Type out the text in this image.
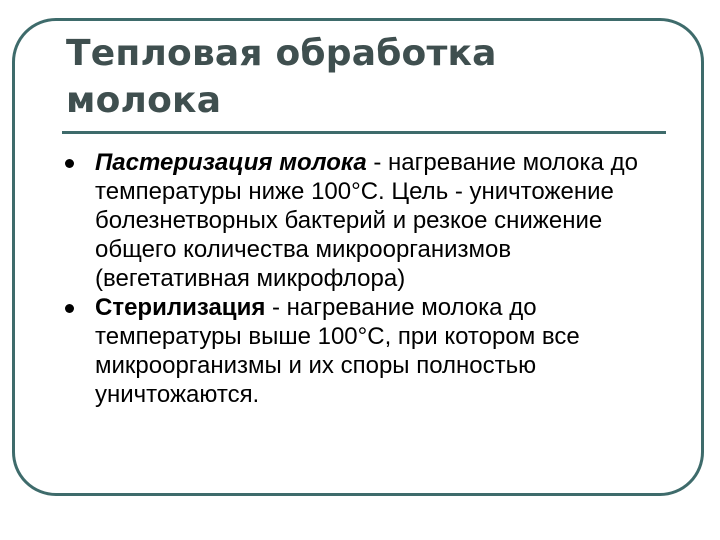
Тепловая обработка
молока
Пастеризация молока - нагревание молока до температуры ниже 100°С. Цель - уничтожение болезнетворных бактерий и резкое снижение общего количества микроорганизмов (вегетативная микрофлора)
Стерилизация - нагревание молока до температуры выше 100°С, при котором все микроорганизмы и их споры полностью уничтожаются.
